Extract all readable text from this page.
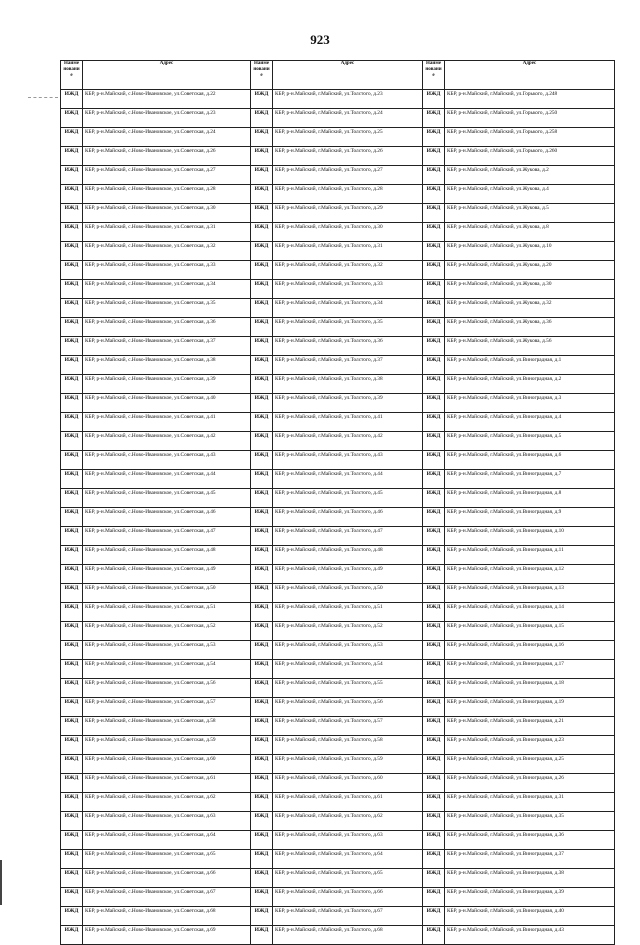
923
Наименование	Адрес	Наименование	Адрес	Наименование	Адрес
ИЖД	КБР, р-н.Майский, с.Ново-Ивановское, ул.Советская, д.22	ИЖД	КБР, р-н.Майский, г.Майский, ул.Толстого, д.23	ИЖД	КБР, р-н.Майский, г.Майский, ул.Горького, д.248
ИЖД	КБР, р-н.Майский, с.Ново-Ивановское, ул.Советская, д.23	ИЖД	КБР, р-н.Майский, г.Майский, ул.Толстого, д.24	ИЖД	КБР, р-н.Майский, г.Майский, ул.Горького, д.250
ИЖД	КБР, р-н.Майский, с.Ново-Ивановское, ул.Советская, д.24	ИЖД	КБР, р-н.Майский, г.Майский, ул.Толстого, д.25	ИЖД	КБР, р-н.Майский, г.Майский, ул.Горького, д.258
ИЖД	КБР, р-н.Майский, с.Ново-Ивановское, ул.Советская, д.26	ИЖД	КБР, р-н.Майский, г.Майский, ул.Толстого, д.26	ИЖД	КБР, р-н.Майский, г.Майский, ул.Горького, д.260
ИЖД	КБР, р-н.Майский, с.Ново-Ивановское, ул.Советская, д.27	ИЖД	КБР, р-н.Майский, г.Майский, ул.Толстого, д.27	ИЖД	КБР, р-н.Майский, г.Майский, ул.Жукова, д.2
ИЖД	КБР, р-н.Майский, с.Ново-Ивановское, ул.Советская, д.28	ИЖД	КБР, р-н.Майский, г.Майский, ул.Толстого, д.28	ИЖД	КБР, р-н.Майский, г.Майский, ул.Жукова, д.4
ИЖД	КБР, р-н.Майский, с.Ново-Ивановское, ул.Советская, д.30	ИЖД	КБР, р-н.Майский, г.Майский, ул.Толстого, д.29	ИЖД	КБР, р-н.Майский, г.Майский, ул.Жукова, д.5
ИЖД	КБР, р-н.Майский, с.Ново-Ивановское, ул.Советская, д.31	ИЖД	КБР, р-н.Майский, г.Майский, ул.Толстого, д.30	ИЖД	КБР, р-н.Майский, г.Майский, ул.Жукова, д.8
ИЖД	КБР, р-н.Майский, с.Ново-Ивановское, ул.Советская, д.32	ИЖД	КБР, р-н.Майский, г.Майский, ул.Толстого, д.31	ИЖД	КБР, р-н.Майский, г.Майский, ул.Жукова, д.10
ИЖД	КБР, р-н.Майский, с.Ново-Ивановское, ул.Советская, д.33	ИЖД	КБР, р-н.Майский, г.Майский, ул.Толстого, д.32	ИЖД	КБР, р-н.Майский, г.Майский, ул.Жукова, д.20
ИЖД	КБР, р-н.Майский, с.Ново-Ивановское, ул.Советская, д.34	ИЖД	КБР, р-н.Майский, г.Майский, ул.Толстого, д.33	ИЖД	КБР, р-н.Майский, г.Майский, ул.Жукова, д.30
ИЖД	КБР, р-н.Майский, с.Ново-Ивановское, ул.Советская, д.35	ИЖД	КБР, р-н.Майский, г.Майский, ул.Толстого, д.34	ИЖД	КБР, р-н.Майский, г.Майский, ул.Жукова, д.32
ИЖД	КБР, р-н.Майский, с.Ново-Ивановское, ул.Советская, д.36	ИЖД	КБР, р-н.Майский, г.Майский, ул.Толстого, д.35	ИЖД	КБР, р-н.Майский, г.Майский, ул.Жукова, д.36
ИЖД	КБР, р-н.Майский, с.Ново-Ивановское, ул.Советская, д.37	ИЖД	КБР, р-н.Майский, г.Майский, ул.Толстого, д.36	ИЖД	КБР, р-н.Майский, г.Майский, ул.Жукова, д.56
ИЖД	КБР, р-н.Майский, с.Ново-Ивановское, ул.Советская, д.38	ИЖД	КБР, р-н.Майский, г.Майский, ул.Толстого, д.37	ИЖД	КБР, р-н.Майский, г.Майский, ул.Виноградная, д.1
ИЖД	КБР, р-н.Майский, с.Ново-Ивановское, ул.Советская, д.39	ИЖД	КБР, р-н.Майский, г.Майский, ул.Толстого, д.38	ИЖД	КБР, р-н.Майский, г.Майский, ул.Виноградная, д.2
ИЖД	КБР, р-н.Майский, с.Ново-Ивановское, ул.Советская, д.40	ИЖД	КБР, р-н.Майский, г.Майский, ул.Толстого, д.39	ИЖД	КБР, р-н.Майский, г.Майский, ул.Виноградная, д.3
ИЖД	КБР, р-н.Майский, с.Ново-Ивановское, ул.Советская, д.41	ИЖД	КБР, р-н.Майский, г.Майский, ул.Толстого, д.41	ИЖД	КБР, р-н.Майский, г.Майский, ул.Виноградная, д.4
ИЖД	КБР, р-н.Майский, с.Ново-Ивановское, ул.Советская, д.42	ИЖД	КБР, р-н.Майский, г.Майский, ул.Толстого, д.42	ИЖД	КБР, р-н.Майский, г.Майский, ул.Виноградная, д.5
ИЖД	КБР, р-н.Майский, с.Ново-Ивановское, ул.Советская, д.43	ИЖД	КБР, р-н.Майский, г.Майский, ул.Толстого, д.43	ИЖД	КБР, р-н.Майский, г.Майский, ул.Виноградная, д.6
ИЖД	КБР, р-н.Майский, с.Ново-Ивановское, ул.Советская, д.44	ИЖД	КБР, р-н.Майский, г.Майский, ул.Толстого, д.44	ИЖД	КБР, р-н.Майский, г.Майский, ул.Виноградная, д.7
ИЖД	КБР, р-н.Майский, с.Ново-Ивановское, ул.Советская, д.45	ИЖД	КБР, р-н.Майский, г.Майский, ул.Толстого, д.45	ИЖД	КБР, р-н.Майский, г.Майский, ул.Виноградная, д.8
ИЖД	КБР, р-н.Майский, с.Ново-Ивановское, ул.Советская, д.46	ИЖД	КБР, р-н.Майский, г.Майский, ул.Толстого, д.46	ИЖД	КБР, р-н.Майский, г.Майский, ул.Виноградная, д.9
ИЖД	КБР, р-н.Майский, с.Ново-Ивановское, ул.Советская, д.47	ИЖД	КБР, р-н.Майский, г.Майский, ул.Толстого, д.47	ИЖД	КБР, р-н.Майский, г.Майский, ул.Виноградная, д.10
ИЖД	КБР, р-н.Майский, с.Ново-Ивановское, ул.Советская, д.48	ИЖД	КБР, р-н.Майский, г.Майский, ул.Толстого, д.48	ИЖД	КБР, р-н.Майский, г.Майский, ул.Виноградная, д.11
ИЖД	КБР, р-н.Майский, с.Ново-Ивановское, ул.Советская, д.49	ИЖД	КБР, р-н.Майский, г.Майский, ул.Толстого, д.49	ИЖД	КБР, р-н.Майский, г.Майский, ул.Виноградная, д.12
ИЖД	КБР, р-н.Майский, с.Ново-Ивановское, ул.Советская, д.50	ИЖД	КБР, р-н.Майский, г.Майский, ул.Толстого, д.50	ИЖД	КБР, р-н.Майский, г.Майский, ул.Виноградная, д.13
ИЖД	КБР, р-н.Майский, с.Ново-Ивановское, ул.Советская, д.51	ИЖД	КБР, р-н.Майский, г.Майский, ул.Толстого, д.51	ИЖД	КБР, р-н.Майский, г.Майский, ул.Виноградная, д.14
ИЖД	КБР, р-н.Майский, с.Ново-Ивановское, ул.Советская, д.52	ИЖД	КБР, р-н.Майский, г.Майский, ул.Толстого, д.52	ИЖД	КБР, р-н.Майский, г.Майский, ул.Виноградная, д.15
ИЖД	КБР, р-н.Майский, с.Ново-Ивановское, ул.Советская, д.53	ИЖД	КБР, р-н.Майский, г.Майский, ул.Толстого, д.53	ИЖД	КБР, р-н.Майский, г.Майский, ул.Виноградная, д.16
ИЖД	КБР, р-н.Майский, с.Ново-Ивановское, ул.Советская, д.54	ИЖД	КБР, р-н.Майский, г.Майский, ул.Толстого, д.54	ИЖД	КБР, р-н.Майский, г.Майский, ул.Виноградная, д.17
ИЖД	КБР, р-н.Майский, с.Ново-Ивановское, ул.Советская, д.56	ИЖД	КБР, р-н.Майский, г.Майский, ул.Толстого, д.55	ИЖД	КБР, р-н.Майский, г.Майский, ул.Виноградная, д.18
ИЖД	КБР, р-н.Майский, с.Ново-Ивановское, ул.Советская, д.57	ИЖД	КБР, р-н.Майский, г.Майский, ул.Толстого, д.56	ИЖД	КБР, р-н.Майский, г.Майский, ул.Виноградная, д.19
ИЖД	КБР, р-н.Майский, с.Ново-Ивановское, ул.Советская, д.58	ИЖД	КБР, р-н.Майский, г.Майский, ул.Толстого, д.57	ИЖД	КБР, р-н.Майский, г.Майский, ул.Виноградная, д.21
ИЖД	КБР, р-н.Майский, с.Ново-Ивановское, ул.Советская, д.59	ИЖД	КБР, р-н.Майский, г.Майский, ул.Толстого, д.58	ИЖД	КБР, р-н.Майский, г.Майский, ул.Виноградная, д.23
ИЖД	КБР, р-н.Майский, с.Ново-Ивановское, ул.Советская, д.60	ИЖД	КБР, р-н.Майский, г.Майский, ул.Толстого, д.59	ИЖД	КБР, р-н.Майский, г.Майский, ул.Виноградная, д.25
ИЖД	КБР, р-н.Майский, с.Ново-Ивановское, ул.Советская, д.61	ИЖД	КБР, р-н.Майский, г.Майский, ул.Толстого, д.60	ИЖД	КБР, р-н.Майский, г.Майский, ул.Виноградная, д.26
ИЖД	КБР, р-н.Майский, с.Ново-Ивановское, ул.Советская, д.62	ИЖД	КБР, р-н.Майский, г.Майский, ул.Толстого, д.61	ИЖД	КБР, р-н.Майский, г.Майский, ул.Виноградная, д.31
ИЖД	КБР, р-н.Майский, с.Ново-Ивановское, ул.Советская, д.63	ИЖД	КБР, р-н.Майский, г.Майский, ул.Толстого, д.62	ИЖД	КБР, р-н.Майский, г.Майский, ул.Виноградная, д.35
ИЖД	КБР, р-н.Майский, с.Ново-Ивановское, ул.Советская, д.64	ИЖД	КБР, р-н.Майский, г.Майский, ул.Толстого, д.63	ИЖД	КБР, р-н.Майский, г.Майский, ул.Виноградная, д.36
ИЖД	КБР, р-н.Майский, с.Ново-Ивановское, ул.Советская, д.65	ИЖД	КБР, р-н.Майский, г.Майский, ул.Толстого, д.64	ИЖД	КБР, р-н.Майский, г.Майский, ул.Виноградная, д.37
ИЖД	КБР, р-н.Майский, с.Ново-Ивановское, ул.Советская, д.66	ИЖД	КБР, р-н.Майский, г.Майский, ул.Толстого, д.65	ИЖД	КБР, р-н.Майский, г.Майский, ул.Виноградная, д.38
ИЖД	КБР, р-н.Майский, с.Ново-Ивановское, ул.Советская, д.67	ИЖД	КБР, р-н.Майский, г.Майский, ул.Толстого, д.66	ИЖД	КБР, р-н.Майский, г.Майский, ул.Виноградная, д.39
ИЖД	КБР, р-н.Майский, с.Ново-Ивановское, ул.Советская, д.68	ИЖД	КБР, р-н.Майский, г.Майский, ул.Толстого, д.67	ИЖД	КБР, р-н.Майский, г.Майский, ул.Виноградная, д.40
ИЖД	КБР, р-н.Майский, с.Ново-Ивановское, ул.Советская, д.69	ИЖД	КБР, р-н.Майский, г.Майский, ул.Толстого, д.68	ИЖД	КБР, р-н.Майский, г.Майский, ул.Виноградная, д.43
